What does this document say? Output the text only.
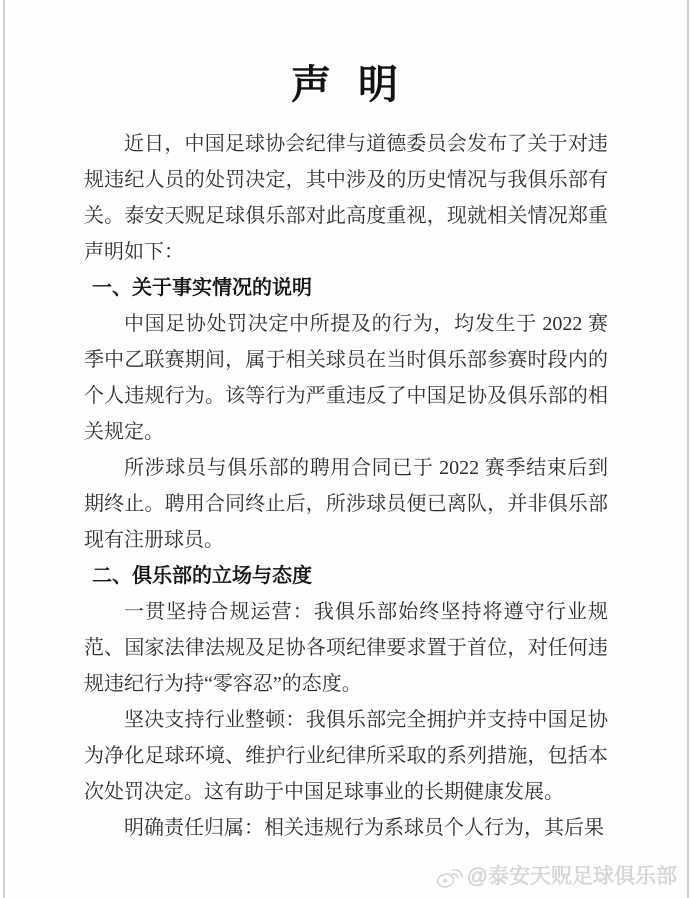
声 明

近日，中国足球协会纪律与道德委员会发布了关于对违规违纪人员的处罚决定，其中涉及的历史情况与我俱乐部有关。泰安天贶足球俱乐部对此高度重视，现就相关情况郑重声明如下：

一、关于事实情况的说明

中国足协处罚决定中所提及的行为，均发生于 2022 赛季中乙联赛期间，属于相关球员在当时俱乐部参赛时段内的个人违规行为。该等行为严重违反了中国足协及俱乐部的相关规定。

所涉球员与俱乐部的聘用合同已于 2022 赛季结束后到期终止。聘用合同终止后，所涉球员便已离队，并非俱乐部现有注册球员。

二、俱乐部的立场与态度

一贯坚持合规运营：我俱乐部始终坚持将遵守行业规范、国家法律法规及足协各项纪律要求置于首位，对任何违规违纪行为持“零容忍”的态度。

坚决支持行业整顿：我俱乐部完全拥护并支持中国足协为净化足球环境、维护行业纪律所采取的系列措施，包括本次处罚决定。这有助于中国足球事业的长期健康发展。

明确责任归属：相关违规行为系球员个人行为，其后果

@泰安天贶足球俱乐部
